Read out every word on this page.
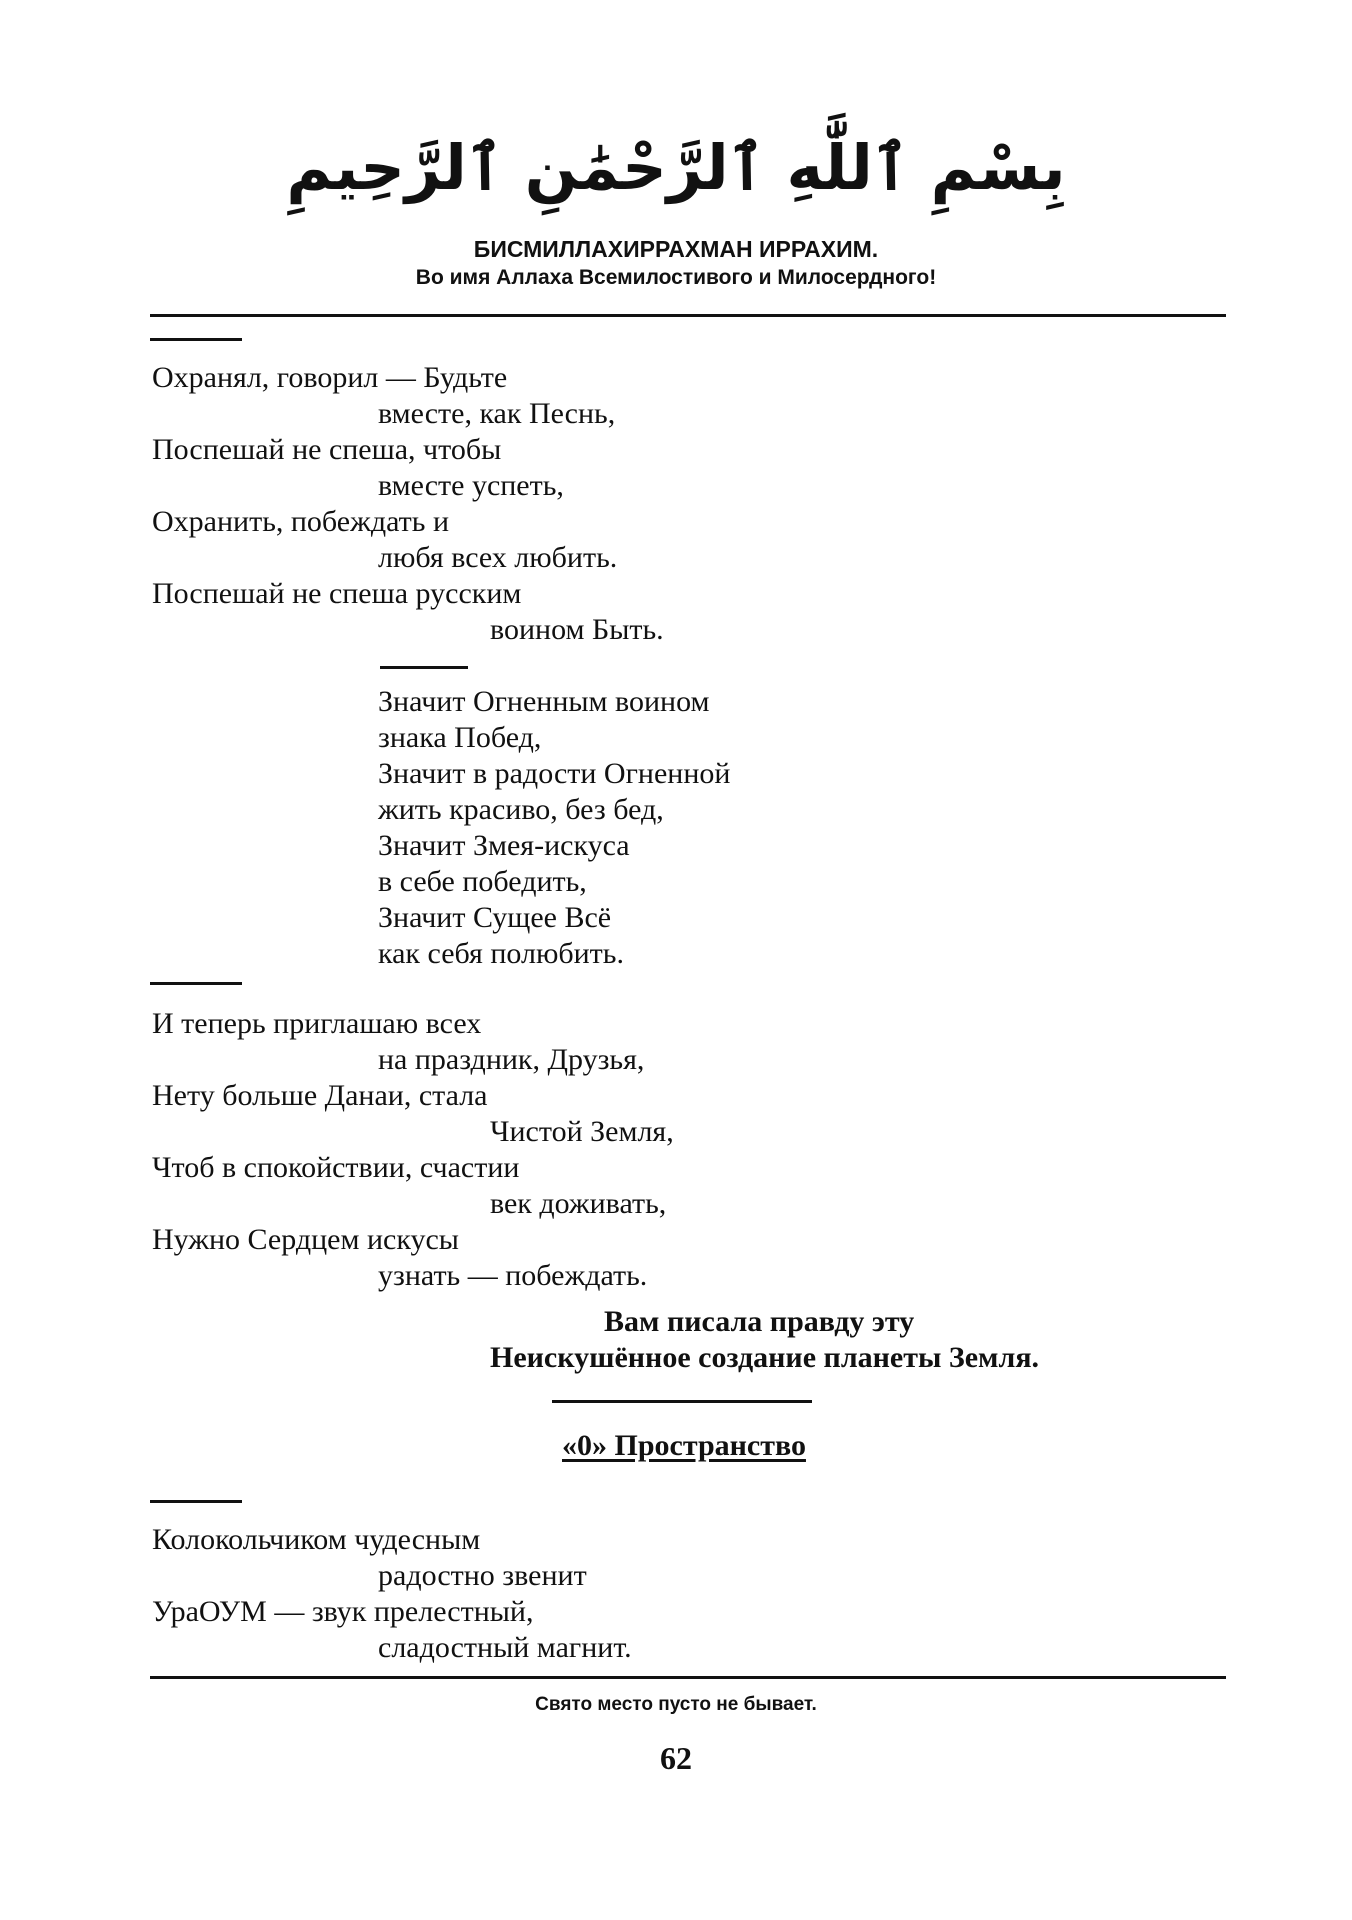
بِسْمِ ٱللَّٰهِ ٱلرَّحْمَٰنِ ٱلرَّحِيمِ
БИСМИЛЛАХИРРАХМАН ИРРАХИМ.
Во имя Аллаха Всемилостивого и Милосердного!
Охранял, говорил — Будьте
вместе, как Песнь,
Поспешай не спеша, чтобы
вместе успеть,
Охранить, побеждать и
любя всех любить.
Поспешай не спеша русским
воином Быть.
Значит Огненным воином
знака Побед,
Значит в радости Огненной
жить красиво, без бед,
Значит Змея-искуса
в себе победить,
Значит Сущее Всё
как себя полюбить.
И теперь приглашаю всех
на праздник, Друзья,
Нету больше Данаи, стала
Чистой Земля,
Чтоб в спокойствии, счастии
век доживать,
Нужно Сердцем искусы
узнать — побеждать.
Вам писала правду эту
Неискушённое создание планеты Земля.
«0» Пространство
Колокольчиком чудесным
радостно звенит
УраОУМ — звук прелестный,
сладостный магнит.
Свято место пусто не бывает.
62
